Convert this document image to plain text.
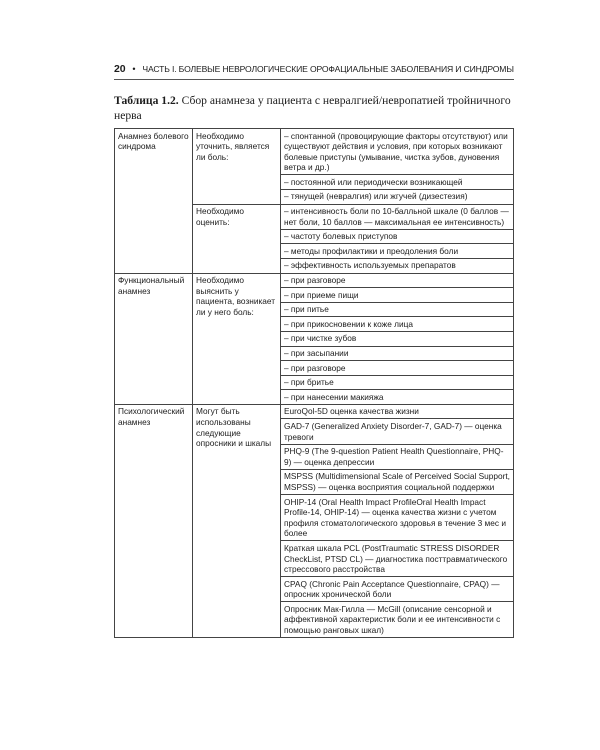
20 • ЧАСТЬ I. БОЛЕВЫЕ НЕВРОЛОГИЧЕСКИЕ ОРОФАЦИАЛЬНЫЕ ЗАБОЛЕВАНИЯ И СИНДРОМЫ
Таблица 1.2. Сбор анамнеза у пациента с невралгией/невропатией тройничного нерва
Анамнез болевого синдрома	Необходимо уточнить, является ли боль:	– спонтанной (провоцирующие факторы отсутствуют) или существуют действия и условия, при которых возникают болевые приступы (умывание, чистка зубов, дуновения ветра и др.)
		– постоянной или периодически возникающей
		– тянущей (невралгия) или жгучей (дизестезия)
	Необходимо оценить:	– интенсивность боли по 10-балльной шкале (0 баллов — нет боли, 10 баллов — максимальная ее интенсивность)
		– частоту болевых приступов
		– методы профилактики и преодоления боли
		– эффективность используемых препаратов
Функциональный анамнез	Необходимо выяснить у пациента, возникает ли у него боль:	– при разговоре
		– при приеме пищи
		– при питье
		– при прикосновении к коже лица
		– при чистке зубов
		– при засыпании
		– при разговоре
		– при бритье
		– при нанесении макияжа
Психологический анамнез	Могут быть использованы следующие опросники и шкалы	EuroQol-5D оценка качества жизни
		GAD-7 (Generalized Anxiety Disorder-7, GAD-7) — оценка тревоги
		PHQ-9 (The 9-question Patient Health Questionnaire, PHQ-9) — оценка депрессии
		MSPSS (Multidimensional Scale of Perceived Social Support, MSPSS) — оценка восприятия социальной поддержки
		OHIP-14 (Oral Health Impact ProfileOral Health Impact Profile-14, OHIP-14) — оценка качества жизни с учетом профиля стоматологического здоровья в течение 3 мес и более
		Краткая шкала PCL (PostTraumatic STRESS DISORDER CheckList, PTSD CL) — диагностика посттравматического стрессового расстройства
		CPAQ (Chronic Pain Acceptance Questionnaire, CPAQ) — опросник хронической боли
		Опросник Мак-Гилла — McGill (описание сенсорной и аффективной характеристик боли и ее интенсивности с помощью ранговых шкал)
